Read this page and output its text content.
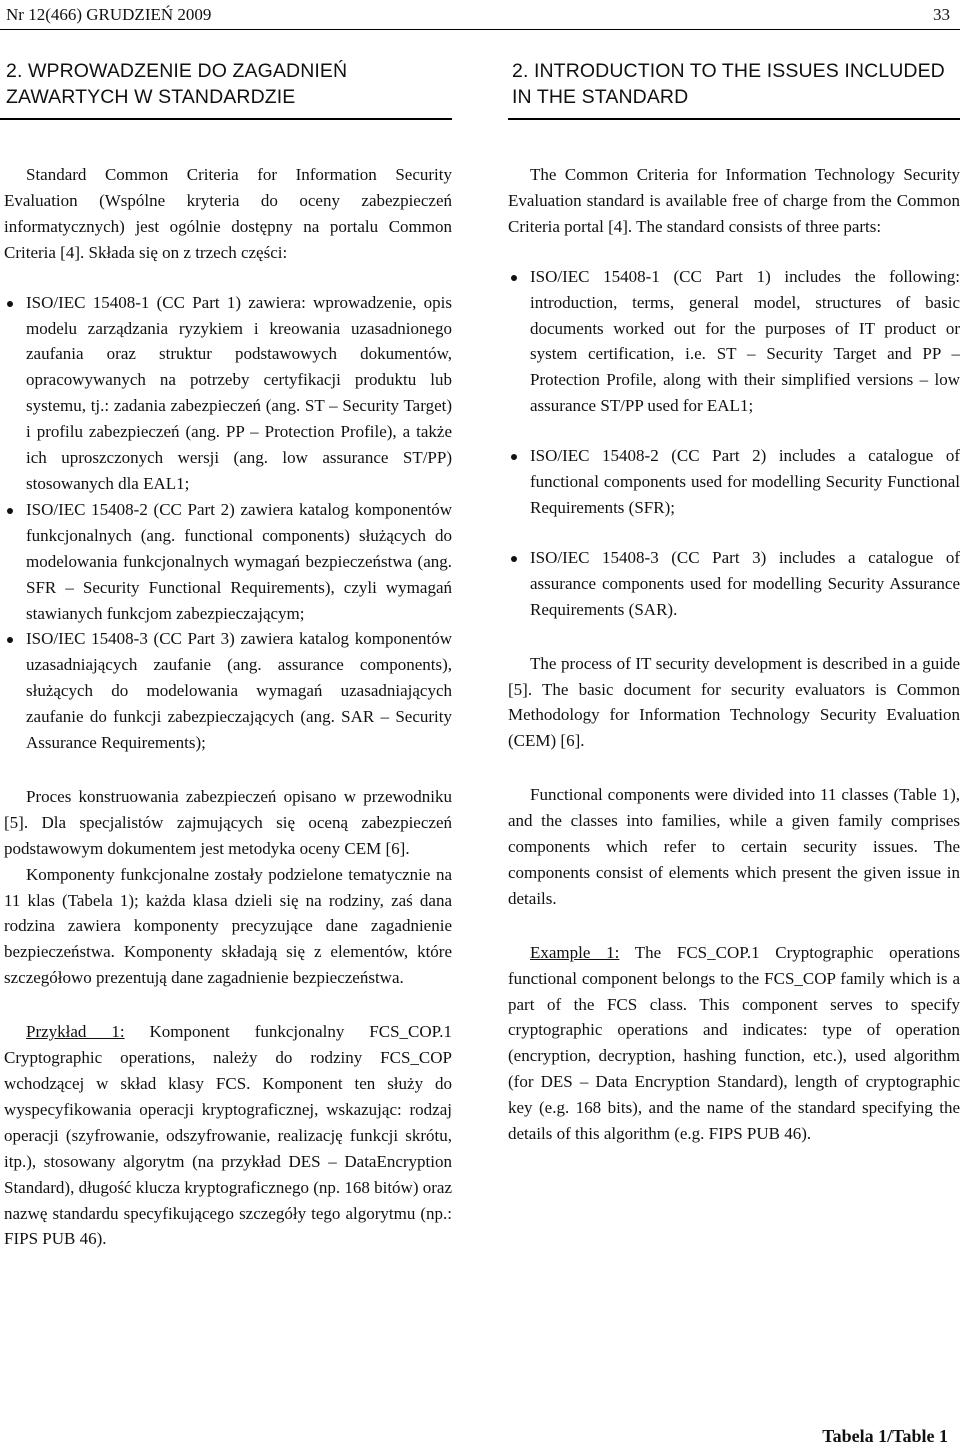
Nr 12(466) GRUDZIEŃ 2009	33
2. WPROWADZENIE DO ZAGADNIEŃ ZAWARTYCH W STANDARDZIE

Standard Common Criteria for Information Security Evaluation (Wspólne kryteria do oceny zabezpieczeń informatycznych) jest ogólnie dostępny na portalu Common Criteria [4]. Składa się on z trzech części:

ISO/IEC 15408-1 (CC Part 1) zawiera: wprowadzenie, opis modelu zarządzania ryzykiem i kreowania uzasadnionego zaufania oraz struktur podstawowych dokumentów, opracowywanych na potrzeby certyfikacji produktu lub systemu, tj.: zadania zabezpieczeń (ang. ST – Security Target) i profilu zabezpieczeń (ang. PP – Protection Profile), a także ich uproszczonych wersji (ang. low assurance ST/PP) stosowanych dla EAL1;
ISO/IEC 15408-2 (CC Part 2) zawiera katalog komponentów funkcjonalnych (ang. functional components) służących do modelowania funkcjonalnych wymagań bezpieczeństwa (ang. SFR – Security Functional Requirements), czyli wymagań stawianych funkcjom zabezpieczającym;
ISO/IEC 15408-3 (CC Part 3) zawiera katalog komponentów uzasadniających zaufanie (ang. assurance components), służących do modelowania wymagań uzasadniających zaufanie do funkcji zabezpieczających (ang. SAR – Security Assurance Requirements);

Proces konstruowania zabezpieczeń opisano w przewodniku [5]. Dla specjalistów zajmujących się oceną zabezpieczeń podstawowym dokumentem jest metodyka oceny CEM [6].

Komponenty funkcjonalne zostały podzielone tematycznie na 11 klas (Tabela 1); każda klasa dzieli się na rodziny, zaś dana rodzina zawiera komponenty precyzujące dane zagadnienie bezpieczeństwa. Komponenty składają się z elementów, które szczegółowo prezentują dane zagadnienie bezpieczeństwa.

Przykład 1: Komponent funkcjonalny FCS_COP.1 Cryptographic operations, należy do rodziny FCS_COP wchodzącej w skład klasy FCS. Komponent ten służy do wyspecyfikowania operacji kryptograficznej, wskazując: rodzaj operacji (szyfrowanie, odszyfrowanie, realizację funkcji skrótu, itp.), stosowany algorytm (na przykład DES – DataEncryption Standard), długość klucza kryptograficznego (np. 168 bitów) oraz nazwę standardu specyfikującego szczegóły tego algorytmu (np.: FIPS PUB 46).

2. INTRODUCTION TO THE ISSUES INCLUDED IN THE STANDARD

The Common Criteria for Information Technology Security Evaluation standard is available free of charge from the Common Criteria portal [4]. The standard consists of three parts:

ISO/IEC 15408-1 (CC Part 1) includes the following: introduction, terms, general model, structures of basic documents worked out for the purposes of IT product or system certification, i.e. ST – Security Target and PP – Protection Profile, along with their simplified versions – low assurance ST/PP used for EAL1;
ISO/IEC 15408-2 (CC Part 2) includes a catalogue of functional components used for modelling Security Functional Requirements (SFR);
ISO/IEC 15408-3 (CC Part 3) includes a catalogue of assurance components used for modelling Security Assurance Requirements (SAR).

The process of IT security development is described in a guide [5]. The basic document for security evaluators is Common Methodology for Information Technology Security Evaluation (CEM) [6].

Functional components were divided into 11 classes (Table 1), and the classes into families, while a given family comprises components which refer to certain security issues. The components consist of elements which present the given issue in details.

Example 1: The FCS_COP.1 Cryptographic operations functional component belongs to the FCS_COP family which is a part of the FCS class. This component serves to specify cryptographic operations and indicates: type of operation (encryption, decryption, hashing function, etc.), used algorithm (for DES – Data Encryption Standard), length of cryptographic key (e.g. 168 bits), and the name of the standard specifying the details of this algorithm (e.g. FIPS PUB 46).

Tabela 1/Table 1
